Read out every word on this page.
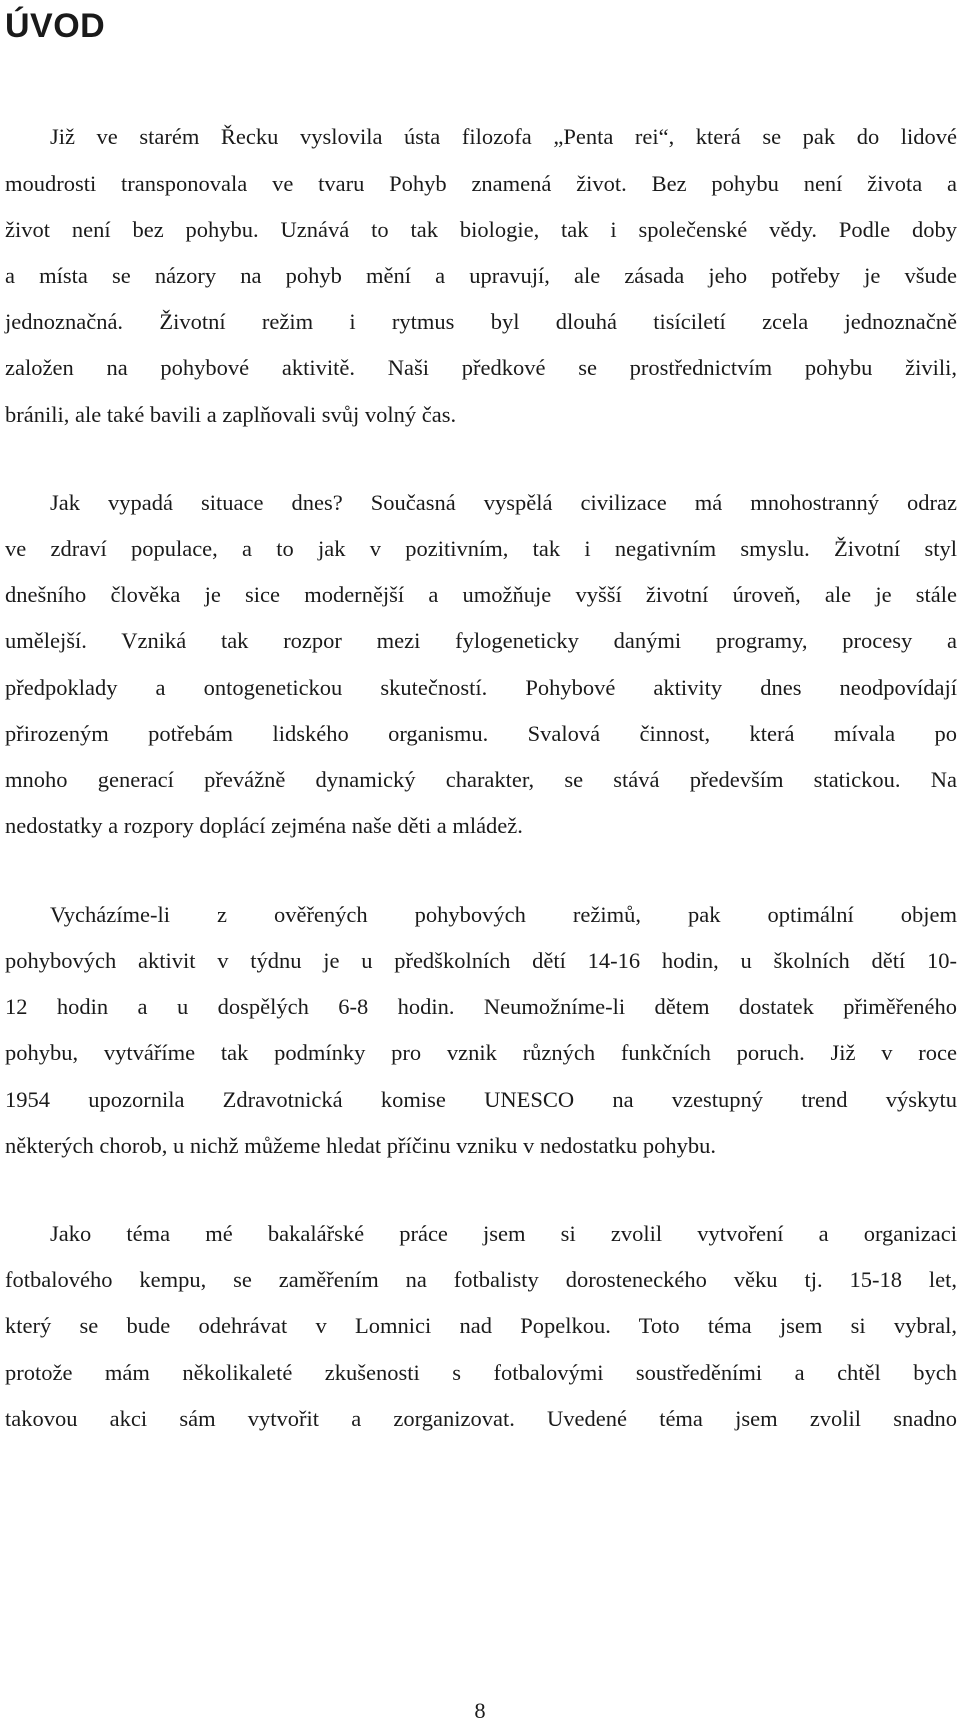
ÚVOD
Již ve starém Řecku vyslovila ústa filozofa „Penta rei“, která se pak do lidové
moudrosti transponovala ve tvaru Pohyb znamená život. Bez pohybu není života a
život není bez pohybu. Uznává to tak biologie, tak i společenské vědy. Podle doby
a místa se názory na pohyb mění a upravují, ale zásada jeho potřeby je všude
jednoznačná. Životní režim i rytmus byl dlouhá tisíciletí zcela jednoznačně
založen na pohybové aktivitě. Naši předkové se prostřednictvím pohybu živili,
bránili, ale také bavili a zaplňovali svůj volný čas.
Jak vypadá situace dnes? Současná vyspělá civilizace má mnohostranný odraz
ve zdraví populace, a to jak v pozitivním, tak i negativním smyslu. Životní styl
dnešního člověka je sice modernější a umožňuje vyšší životní úroveň, ale je stále
umělejší. Vzniká tak rozpor mezi fylogeneticky danými programy, procesy a
předpoklady a ontogenetickou skutečností. Pohybové aktivity dnes neodpovídají
přirozeným potřebám lidského organismu. Svalová činnost, která mívala po
mnoho generací převážně dynamický charakter, se stává především statickou. Na
nedostatky a rozpory doplácí zejména naše děti a mládež.
Vycházíme-li z ověřených pohybových režimů, pak optimální objem
pohybových aktivit v týdnu je u předškolních dětí 14-16 hodin, u školních dětí 10-
12 hodin a u dospělých 6-8 hodin. Neumožníme-li dětem dostatek přiměřeného
pohybu, vytváříme tak podmínky pro vznik různých funkčních poruch. Již v roce
1954 upozornila Zdravotnická komise UNESCO na vzestupný trend výskytu
některých chorob, u nichž můžeme hledat příčinu vzniku v nedostatku pohybu.
Jako téma mé bakalářské práce jsem si zvolil vytvoření a organizaci
fotbalového kempu, se zaměřením na fotbalisty dorosteneckého věku tj. 15-18 let,
který se bude odehrávat v Lomnici nad Popelkou. Toto téma jsem si vybral,
protože mám několikaleté zkušenosti s fotbalovými soustředěními a chtěl bych
takovou akci sám vytvořit a zorganizovat. Uvedené téma jsem zvolil snadno
8
